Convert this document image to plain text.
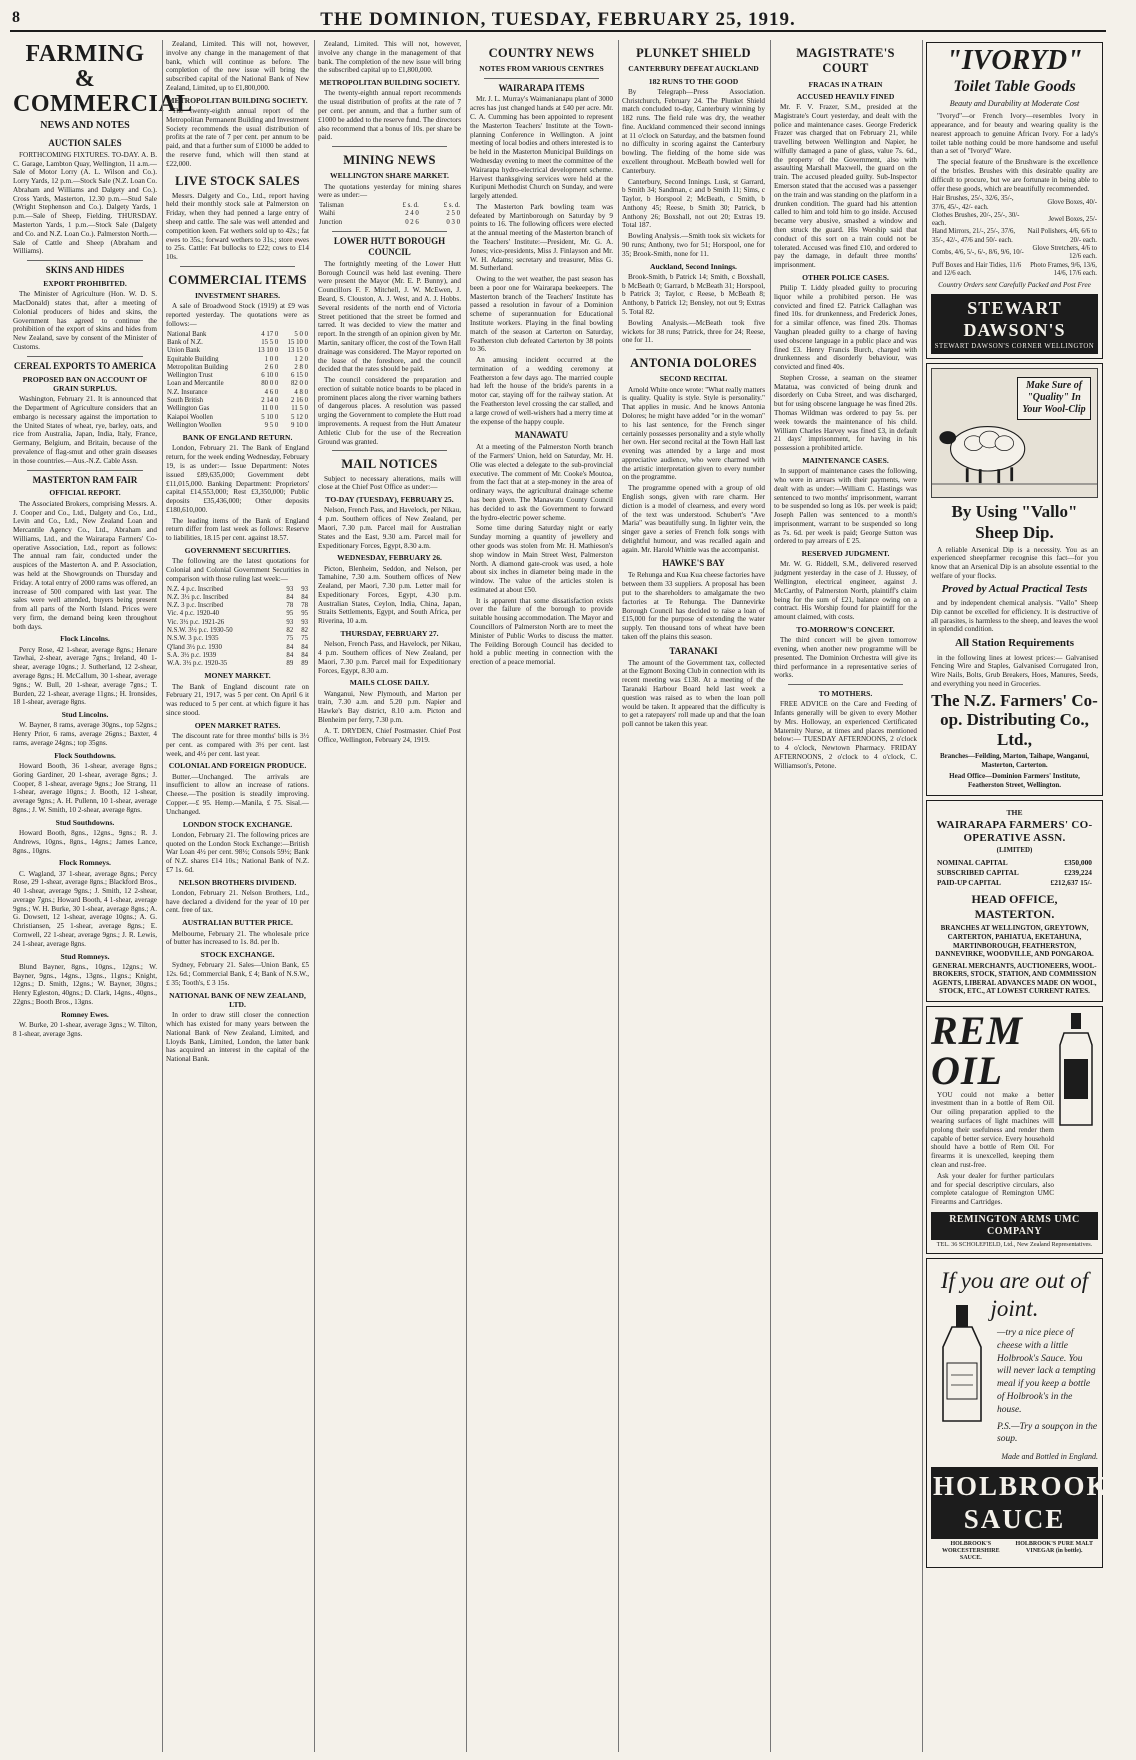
8	THE DOMINION, TUESDAY, FEBRUARY 25, 1919.
FARMING & COMMERCIAL
NEWS AND NOTES
AUCTION SALES

FORTHCOMING FIXTURES. TO-DAY. A. B. C. Garage, Lambton Quay, Wellington, 11 a.m.—Sale of Motor Lorry (A. L. Wilson and Co.). Lorry Yards, 12 p.m.—Stock Sale (N.Z. Loan Co. Abraham and Williams and Dalgety and Co.). Cross Yards, Masterton, 12.30 p.m.—Stud Sale (Wright Stephenson and Co.). Dalgety Yards, 1 p.m.—Sale of Sheep, Fielding. THURSDAY. Masterton Yards, 1 p.m.—Stock Sale (Dalgety and Co. and N.Z. Loan Co.). Palmerston North.—Sale of Cattle and Sheep (Abraham and Williams).

SKINS AND HIDES
EXPORT PROHIBITED.

The Minister of Agriculture (Hon. W. D. S. MacDonald) states that, after a meeting of Colonial producers of hides and skins, the Government has agreed to continue the prohibition of the export of skins and hides from New Zealand, save by consent of the Minister of Customs.

CEREAL EXPORTS TO AMERICA
PROPOSED BAN ON ACCOUNT OF GRAIN SURPLUS.

Washington, February 21. It is announced that the Department of Agriculture considers that an embargo is necessary against the importation to the United States of wheat, rye, barley, oats, and rice from Australia, Japan, India, Italy, France, Germany, Belgium, and Britain, because of the prevalence of flag-smut and other grain diseases in those countries.—Aus.-N.Z. Cable Assn.

MASTERTON RAM FAIR
OFFICIAL REPORT.

The Associated Brokers, comprising Messrs. A. J. Cooper and Co., Ltd., Dalgety and Co., Ltd., Levin and Co., Ltd., New Zealand Loan and Mercantile Agency Co., Ltd., Abraham and Williams, Ltd., and the Wairarapa Farmers' Co-operative Association, Ltd., report as follows: The annual ram fair, conducted under the auspices of the Masterton A. and P. Association, was held at the Showgrounds on Thursday and Friday. A total entry of 2000 rams was offered, an increase of 500 compared with last year. The sales were well attended, buyers being present from all parts of the North Island. Prices were very firm, the demand being keen throughout both days.

Flock Lincolns.

Percy Rose, 42 1-shear, average 8gns.; Henare Tawhai, 2-shear, average 7gns.; Ireland, 40 1-shear, average 10gns.; J. Sutherland, 12 2-shear, average 8gns.; H. McCallum, 30 1-shear, average 9gns.; W. Bull, 20 1-shear, average 7gns.; T. Burden, 22 1-shear, average 11gns.; H. Ironsides, 18 1-shear, average 8gns.

Stud Lincolns.

W. Bayner, 8 rams, average 30gns., top 52gns.; Henry Prior, 6 rams, average 26gns.; Baxter, 4 rams, average 24gns.; top 35gns.

Flock Southdowns.

Howard Booth, 36 1-shear, average 8gns.; Goring Gardiner, 20 1-shear, average 8gns.; J. Cooper, 8 1-shear, average 9gns.; Joe Strang, 11 1-shear, average 10gns.; J. Booth, 12 1-shear, average 9gns.; A. H. Pullenn, 10 1-shear, average 8gns.; J. W. Smith, 10 2-shear, average 8gns.

Stud Southdowns.

Howard Booth, 8gns., 12gns., 9gns.; R. J. Andrews, 10gns., 8gns., 14gns.; James Lance, 8gns., 10gns.

Flock Romneys.

C. Wagland, 37 1-shear, average 8gns.; Percy Rose, 29 1-shear, average 8gns.; Blackford Bros., 40 1-shear, average 9gns.; J. Smith, 12 2-shear, average 7gns.; Howard Booth, 4 1-shear, average 9gns.; W. H. Burke, 30 1-shear, average 8gns.; A. G. Dowsett, 12 1-shear, average 10gns.; A. G. Christiansen, 25 1-shear, average 8gns.; E. Cornwell, 22 1-shear, average 9gns.; J. R. Lewis, 24 1-shear, average 8gns.

Stud Romneys.

Blund Bayner, 8gns., 10gns., 12gns.; W. Bayner, 9gns., 14gns., 13gns., 11gns.; Knight, 12gns.; D. Smith, 12gns.; W. Bayner, 30gns.; Henry Egleston, 40gns.; D. Clark, 14gns., 40gns., 22gns.; Booth Bros., 13gns.

Romney Ewes.

W. Burke, 20 1-shear, average 3gns.; W. Tilton, 8 1-shear, average 3gns.

Zealand, Limited. This will not, however, involve any change in the management of that bank, which will continue as before. The completion of the new issue will bring the subscribed capital of the National Bank of New Zealand, Limited, up to £1,800,000.

METROPOLITAN BUILDING SOCIETY.

The twenty-eighth annual report of the Metropolitan Permanent Building and Investment Society recommends the usual distribution of profits at the rate of 7 per cent. per annum to be paid, and that a further sum of £1000 be added to the reserve fund, which will then stand at £22,000.

LIVE STOCK SALES

Messrs. Dalgety and Co., Ltd., report having held their monthly stock sale at Palmerston on Friday, when they had penned a large entry of sheep and cattle. The sale was well attended and competition keen. Fat wethers sold up to 42s.; fat ewes to 35s.; forward wethers to 31s.; store ewes to 25s. Cattle: Fat bullocks to £22; cows to £14 10s.

COMMERCIAL ITEMS
INVESTMENT SHARES.

A sale of Broadwood Stock (1919) at £9 was reported yesterday. The quotations were as follows:—

National Bank	4 17 0	5 0 0
Bank of N.Z.	15 5 0	15 10 0
Union Bank	13 10 0	13 15 0
Equitable Building	1 0 0	1 2 0
Metropolitan Building	2 6 0	2 8 0
Wellington Trust	6 10 0	6 15 0
Loan and Mercantile	80 0 0	82 0 0
N.Z. Insurance	4 6 0	4 8 0
South British	2 14 0	2 16 0
Wellington Gas	11 0 0	11 5 0
Kaiapoi Woollen	5 10 0	5 12 0
Wellington Woollen	9 5 0	9 10 0
BANK OF ENGLAND RETURN.

London, February 21. The Bank of England return, for the week ending Wednesday, February 19, is as under:— Issue Department: Notes issued £89,635,000; Government debt £11,015,000. Banking Department: Proprietors' capital £14,553,000; Rest £3,350,000; Public deposits £35,436,000; Other deposits £180,610,000.

The leading items of the Bank of England return differ from last week as follows: Reserve to liabilities, 18.15 per cent. against 18.57.

GOVERNMENT SECURITIES.

The following are the latest quotations for Colonial and Colonial Government Securities in comparison with those ruling last week:—

N.Z. 4 p.c. Inscribed	93	93
N.Z. 3½ p.c. Inscribed	84	84
N.Z. 3 p.c. Inscribed	78	78
Vic. 4 p.c. 1920-40	95	95
Vic. 3½ p.c. 1921-26	93	93
N.S.W. 3½ p.c. 1930-50	82	82
N.S.W. 3 p.c. 1935	75	75
Q'land 3½ p.c. 1930	84	84
S.A. 3½ p.c. 1939	84	84
W.A. 3½ p.c. 1920-35	89	89
MONEY MARKET.

The Bank of England discount rate on February 21, 1917, was 5 per cent. On April 6 it was reduced to 5 per cent. at which figure it has since stood.

OPEN MARKET RATES.

The discount rate for three months' bills is 3½ per cent. as compared with 3½ per cent. last week, and 4½ per cent. last year.

COLONIAL AND FOREIGN PRODUCE.

Butter.—Unchanged. The arrivals are insufficient to allow an increase of rations. Cheese.—The position is steadily improving. Copper.—£ 95. Hemp.—Manila, £ 75. Sisal.—Unchanged.

LONDON STOCK EXCHANGE.

London, February 21. The following prices are quoted on the London Stock Exchange:—British War Loan 4½ per cent. 98½; Consols 59½; Bank of N.Z. shares £14 10s.; National Bank of N.Z. £7 1s. 6d.

NELSON BROTHERS DIVIDEND.

London, February 21. Nelson Brothers, Ltd., have declared a dividend for the year of 10 per cent. free of tax.

AUSTRALIAN BUTTER PRICE.

Melbourne, February 21. The wholesale price of butter has increased to 1s. 8d. per lb.

STOCK EXCHANGE.

Sydney, February 21. Sales—Union Bank, £5 12s. 6d.; Commercial Bank, £ 4; Bank of N.S.W., £ 35; Tooth's, £ 3 15s.

NATIONAL BANK OF NEW ZEALAND, LTD.

In order to draw still closer the connection which has existed for many years between the National Bank of New Zealand, Limited, and Lloyds Bank, Limited, London, the latter bank has acquired an interest in the capital of the National Bank.

Zealand, Limited. This will not, however, involve any change in the management of that bank. The completion of the new issue will bring the subscribed capital up to £1,800,000.

METROPOLITAN BUILDING SOCIETY.

The twenty-eighth annual report recommends the usual distribution of profits at the rate of 7 per cent. per annum, and that a further sum of £1000 be added to the reserve fund. The directors also recommend that a bonus of 10s. per share be paid.

MINING NEWS
WELLINGTON SHARE MARKET.

The quotations yesterday for mining shares were as under:—

Talisman	£ s. d.	£ s. d.
Waihi	2 4 0	2 5 0
Junction	0 2 6	0 3 0
LOWER HUTT BOROUGH COUNCIL

The fortnightly meeting of the Lower Hutt Borough Council was held last evening. There were present the Mayor (Mr. E. P. Bunny), and Councillors F. F. Mitchell, J. W. McEwen, J. Beard, S. Clouston, A. J. West, and A. J. Hobbs. Several residents of the north end of Victoria Street petitioned that the street be formed and tarred. It was decided to view the matter and report. In the strength of an opinion given by Mr. Martin, sanitary officer, the cost of the Town Hall drainage was considered. The Mayor reported on the lease of the foreshore, and the council decided that the rates should be paid.

The council considered the preparation and erection of suitable notice boards to be placed in prominent places along the river warning bathers of dangerous places. A resolution was passed urging the Government to complete the Hutt road improvements. A request from the Hutt Amateur Athletic Club for the use of the Recreation Ground was granted.

MAIL NOTICES

Subject to necessary alterations, mails will close at the Chief Post Office as under:—

TO-DAY (TUESDAY), FEBRUARY 25.

Nelson, French Pass, and Havelock, per Nikau, 4 p.m. Southern offices of New Zealand, per Maori, 7.30 p.m. Parcel mail for Australian States and the East, 9.30 a.m. Parcel mail for Expeditionary Forces, Egypt, 8.30 a.m.

WEDNESDAY, FEBRUARY 26.

Picton, Blenheim, Seddon, and Nelson, per Tamahine, 7.30 a.m. Southern offices of New Zealand, per Maori, 7.30 p.m. Letter mail for Expeditionary Forces, Egypt, 4.30 p.m. Australian States, Ceylon, India, China, Japan, Straits Settlements, Egypt, and South Africa, per Riverina, 10 a.m.

THURSDAY, FEBRUARY 27.

Nelson, French Pass, and Havelock, per Nikau, 4 p.m. Southern offices of New Zealand, per Maori, 7.30 p.m. Parcel mail for Expeditionary Forces, Egypt, 8.30 a.m.

MAILS CLOSE DAILY.

Wanganui, New Plymouth, and Marton per train, 7.30 a.m. and 5.20 p.m. Napier and Hawke's Bay district, 8.10 a.m. Picton and Blenheim per ferry, 7.30 p.m.

A. T. DRYDEN, Chief Postmaster. Chief Post Office, Wellington, February 24, 1919.

COUNTRY NEWS
NOTES FROM VARIOUS CENTRES
WAIRARAPA ITEMS

Mr. J. L. Murray's Waimanianapu plant of 3000 acres has just changed hands at £40 per acre. Mr. C. A. Cumming has been appointed to represent the Masterton Teachers' Institute at the Town-planning Conference in Wellington. A joint meeting of local bodies and others interested is to be held in the Masterton Municipal Buildings on Wednesday evening to meet the committee of the Wairarapa hydro-electrical development scheme. Harvest thanksgiving services were held at the Kuripuni Methodist Church on Sunday, and were largely attended.

The Masterton Park bowling team was defeated by Martinborough on Saturday by 9 points to 16. The following officers were elected at the annual meeting of the Masterton branch of the Teachers' Institute:—President, Mr. G. A. Jones; vice-presidents, Miss J. Finlayson and Mr. W. H. Adams; secretary and treasurer, Miss G. M. Sutherland.

Owing to the wet weather, the past season has been a poor one for Wairarapa beekeepers. The Masterton branch of the Teachers' Institute has passed a resolution in favour of a Dominion scheme of superannuation for Educational Institute workers. Playing in the final bowling match of the season at Carterton on Saturday, Featherston club defeated Carterton by 38 points to 36.

An amusing incident occurred at the termination of a wedding ceremony at Featherston a few days ago. The married couple had left the house of the bride's parents in a motor car, staying off for the railway station. At the Featherston level crossing the car stalled, and a large crowd of well-wishers had a merry time at the expense of the happy couple.

MANAWATU

At a meeting of the Palmerston North branch of the Farmers' Union, held on Saturday, Mr. H. Olie was elected a delegate to the sub-provincial executive. The comment of Mr. Cooke's Moutoa, from the fact that at a step-money in the area of ordinary ways, the agricultural drainage scheme has been given. The Manawatu County Council has decided to ask the Government to forward the hydro-electric power scheme.

Some time during Saturday night or early Sunday morning a quantity of jewellery and other goods was stolen from Mr. H. Mathieson's shop window in Main Street West, Palmerston North. A diamond gate-crook was used, a hole about six inches in diameter being made in the window. The value of the articles stolen is estimated at about £50.

It is apparent that some dissatisfaction exists over the failure of the borough to provide suitable housing accommodation. The Mayor and Councillors of Palmerston North are to meet the Minister of Public Works to discuss the matter. The Feilding Borough Council has decided to hold a public meeting in connection with the erection of a peace memorial.

PLUNKET SHIELD
CANTERBURY DEFEAT AUCKLAND
182 RUNS TO THE GOOD

By Telegraph—Press Association. Christchurch, February 24. The Plunket Shield match concluded to-day, Canterbury winning by 182 runs. The field rule was dry, the weather fine. Auckland commenced their second innings at 11 o'clock on Saturday, and the batsmen found no difficulty in scoring against the Canterbury bowling. The fielding of the home side was excellent throughout. McBeath bowled well for Canterbury.

Canterbury, Second Innings. Lusk, st Garrard, b Smith 34; Sandman, c and b Smith 11; Sims, c Taylor, b Horspool 2; McBeath, c Smith, b Anthony 45; Reese, b Smith 30; Patrick, b Anthony 26; Boxshall, not out 20; Extras 19. Total 187.

Bowling Analysis.—Smith took six wickets for 90 runs; Anthony, two for 51; Horspool, one for 35; Brook-Smith, none for 11.

Auckland, Second Innings.

Brook-Smith, b Patrick 14; Smith, c Boxshall, b McBeath 0; Garrard, b McBeath 31; Horspool, b Patrick 3; Taylor, c Reese, b McBeath 8; Anthony, b Patrick 12; Bensley, not out 9; Extras 5. Total 82.

Bowling Analysis.—McBeath took five wickets for 38 runs; Patrick, three for 24; Reese, one for 11.

ANTONIA DOLORES
SECOND RECITAL

Arnold White once wrote: "What really matters is quality. Quality is style. Style is personality." That applies in music. And he knows Antonia Dolores; he might have added "or in the woman" to his last sentence, for the French singer certainly possesses personality and a style wholly her own. Her second recital at the Town Hall last evening was attended by a large and most appreciative audience, who were charmed with the artistic interpretation given to every number on the programme.

The programme opened with a group of old English songs, given with rare charm. Her diction is a model of clearness, and every word of the text was understood. Schubert's "Ave Maria" was beautifully sung. In lighter vein, the singer gave a series of French folk songs with delightful humour, and was recalled again and again. Mr. Harold Whittle was the accompanist.

HAWKE'S BAY

Te Rehunga and Kua Kua cheese factories have between them 33 suppliers. A proposal has been put to the shareholders to amalgamate the two factories at Te Rehunga. The Dannevirke Borough Council has decided to raise a loan of £15,000 for the purpose of extending the water supply. Ten thousand tons of wheat have been taken off the plains this season.

TARANAKI

The amount of the Government tax, collected at the Egmont Boxing Club in connection with its recent meeting was £138. At a meeting of the Taranaki Harbour Board held last week a question was raised as to when the loan poll would be taken. It appeared that the difficulty is to get a ratepayers' roll made up and that the loan poll cannot be taken this year.

MAGISTRATE'S COURT
FRACAS IN A TRAIN
ACCUSED HEAVILY FINED

Mr. F. V. Frazer, S.M., presided at the Magistrate's Court yesterday, and dealt with the police and maintenance cases. George Frederick Frazer was charged that on February 21, while travelling between Wellington and Napier, he wilfully damaged a pane of glass, value 7s. 6d., the property of the Government, also with assaulting Marshall Maxwell, the guard on the train. The accused pleaded guilty. Sub-Inspector Emerson stated that the accused was a passenger on the train and was standing on the platform in a drunken condition. The guard had his attention called to him and told him to go inside. Accused became very abusive, smashed a window and then struck the guard. His Worship said that conduct of this sort on a train could not be tolerated. Accused was fined £10, and ordered to pay the damage, in default three months' imprisonment.

OTHER POLICE CASES.

Philip T. Liddy pleaded guilty to procuring liquor while a prohibited person. He was convicted and fined £2. Patrick Callaghan was fined 10s. for drunkenness, and Frederick Jones, for a similar offence, was fined 20s. Thomas Vaughan pleaded guilty to a charge of having used obscene language in a public place and was fined £3. Henry Francis Burch, charged with drunkenness and disorderly behaviour, was convicted and fined 40s.

Stephen Crosse, a seaman on the steamer Matatua, was convicted of being drunk and disorderly on Cuba Street, and was discharged, but for using obscene language he was fined 20s. Thomas Wildman was ordered to pay 5s. per week towards the maintenance of his child. William Charles Harvey was fined £3, in default 21 days' imprisonment, for having in his possession a prohibited article.

MAINTENANCE CASES.

In support of maintenance cases the following, who were in arrears with their payments, were dealt with as under:—William C. Hastings was sentenced to two months' imprisonment, warrant to be suspended so long as 10s. per week is paid; Joseph Pallen was sentenced to a month's imprisonment, warrant to be suspended so long as 7s. 6d. per week is paid; George Sutton was ordered to pay arrears of £ 25.

RESERVED JUDGMENT.

Mr. W. G. Riddell, S.M., delivered reserved judgment yesterday in the case of J. Hussey, of Wellington, electrical engineer, against J. McCarthy, of Palmerston North, plaintiff's claim being for the sum of £21, balance owing on a contract. His Worship found for plaintiff for the amount claimed, with costs.

TO-MORROW'S CONCERT.

The third concert will be given tomorrow evening, when another new programme will be presented. The Dominion Orchestra will give its third performance in a representative series of works.

TO MOTHERS.

FREE ADVICE on the Care and Feeding of Infants generally will be given to every Mother by Mrs. Holloway, an experienced Certificated Maternity Nurse, at times and places mentioned below:— TUESDAY AFTERNOONS, 2 o'clock to 4 o'clock, Newtown Pharmacy. FRIDAY AFTERNOONS, 2 o'clock to 4 o'clock, C. Williamson's, Petone.

"IVORYD"
Toilet Table Goods
Beauty and Durability at Moderate Cost

"Ivoryd"—or French Ivory—resembles Ivory in appearance, and for beauty and wearing quality is the nearest approach to genuine African Ivory. For a lady's toilet table nothing could be more handsome and useful than a set of "Ivoryd" Ware.

The special feature of the Brushware is the excellence of the bristles. Brushes with this desirable quality are difficult to procure, but we are fortunate in being able to offer these goods, which are beautifully recommended.

Hair Brushes, 25/-, 32/6, 35/-, 37/6, 45/-, 42/- each.	Glove Boxes, 40/-
Clothes Brushes, 20/-, 25/-, 30/- each.	Jewel Boxes, 25/-
Hand Mirrors, 21/-, 25/-, 37/6, 35/-, 42/-, 47/6 and 50/- each.	Nail Polishers, 4/6, 6/6 to 20/- each.
Combs, 4/6, 5/-, 6/-, 8/6, 9/6, 10/-	Glove Stretchers, 4/6 to 12/6 each.
Puff Boxes and Hair Tidies, 11/6 and 12/6 each.	Photo Frames, 9/6, 13/6, 14/6, 17/6 each.
Country Orders sent Carefully Packed and Post Free
STEWART DAWSON'S
STEWART DAWSON'S CORNER WELLINGTON
Make Sure of "Quality" In Your Wool-Clip
By Using "Vallo" Sheep Dip.

A reliable Arsenical Dip is a necessity. You as an experienced sheepfarmer recognise this fact—for you know that an Arsenical Dip is an absolute essential to the welfare of your flocks.

Proved by Actual Practical Tests

and by independent chemical analysis. "Vallo" Sheep Dip cannot be excelled for efficiency. It is destructive of all parasites, is harmless to the sheep, and leaves the wool in splendid condition.

All Station Requirements

in the following lines at lowest prices:— Galvanised Fencing Wire and Staples, Galvanised Corrugated Iron, Wire Nails, Bolts, Grub Breakers, Hoes, Manures, Seeds, and everything you need in Groceries.

The N.Z. Farmers' Co-op. Distributing Co., Ltd.,
Branches—Feilding, Marton, Taihape, Wanganui, Masterton, Carterton.
Head Office—Dominion Farmers' Institute, Featherston Street, Wellington.
THE
WAIRARAPA FARMERS' CO-OPERATIVE ASSN.
(LIMITED)
NOMINAL CAPITAL	£350,000
SUBSCRIBED CAPITAL	£239,224
PAID-UP CAPITAL	£212,637 15/-
HEAD OFFICE, MASTERTON.
BRANCHES AT WELLINGTON, GREYTOWN, CARTERTON, PAHIATUA, EKETAHUNA, MARTINBOROUGH, FEATHERSTON, DANNEVIRKE, WOODVILLE, AND PONGAROA.
GENERAL MERCHANTS, AUCTIONEERS, WOOL-BROKERS, STOCK, STATION, AND COMMISSION AGENTS, LIBERAL ADVANCES MADE ON WOOL, STOCK, ETC., AT LOWEST CURRENT RATES.
REM OIL

YOU could not make a better investment than in a bottle of Rem Oil. Our oiling preparation applied to the wearing surfaces of light machines will prolong their usefulness and render them capable of better service. Every household should have a bottle of Rem Oil. For firearms it is unexcelled, keeping them clean and rust-free.

Ask your dealer for further particulars and for special descriptive circulars, also complete catalogue of Remington UMC Firearms and Cartridges.

REMINGTON ARMS UMC COMPANY
TEL. 36 SCHOLEFIELD, Ltd., New Zealand Representatives.
If you are out of joint.
—try a nice piece of cheese with a little Holbrook's Sauce. You will never lack a tempting meal if you keep a bottle of Holbrook's in the house.
P.S.—Try a soupçon in the soup.
Made and Bottled in England.
HOLBROOK'S SAUCE
HOLBROOK'S WORCESTERSHIRE SAUCE.
HOLBROOK'S PURE MALT VINEGAR (in bottle).
